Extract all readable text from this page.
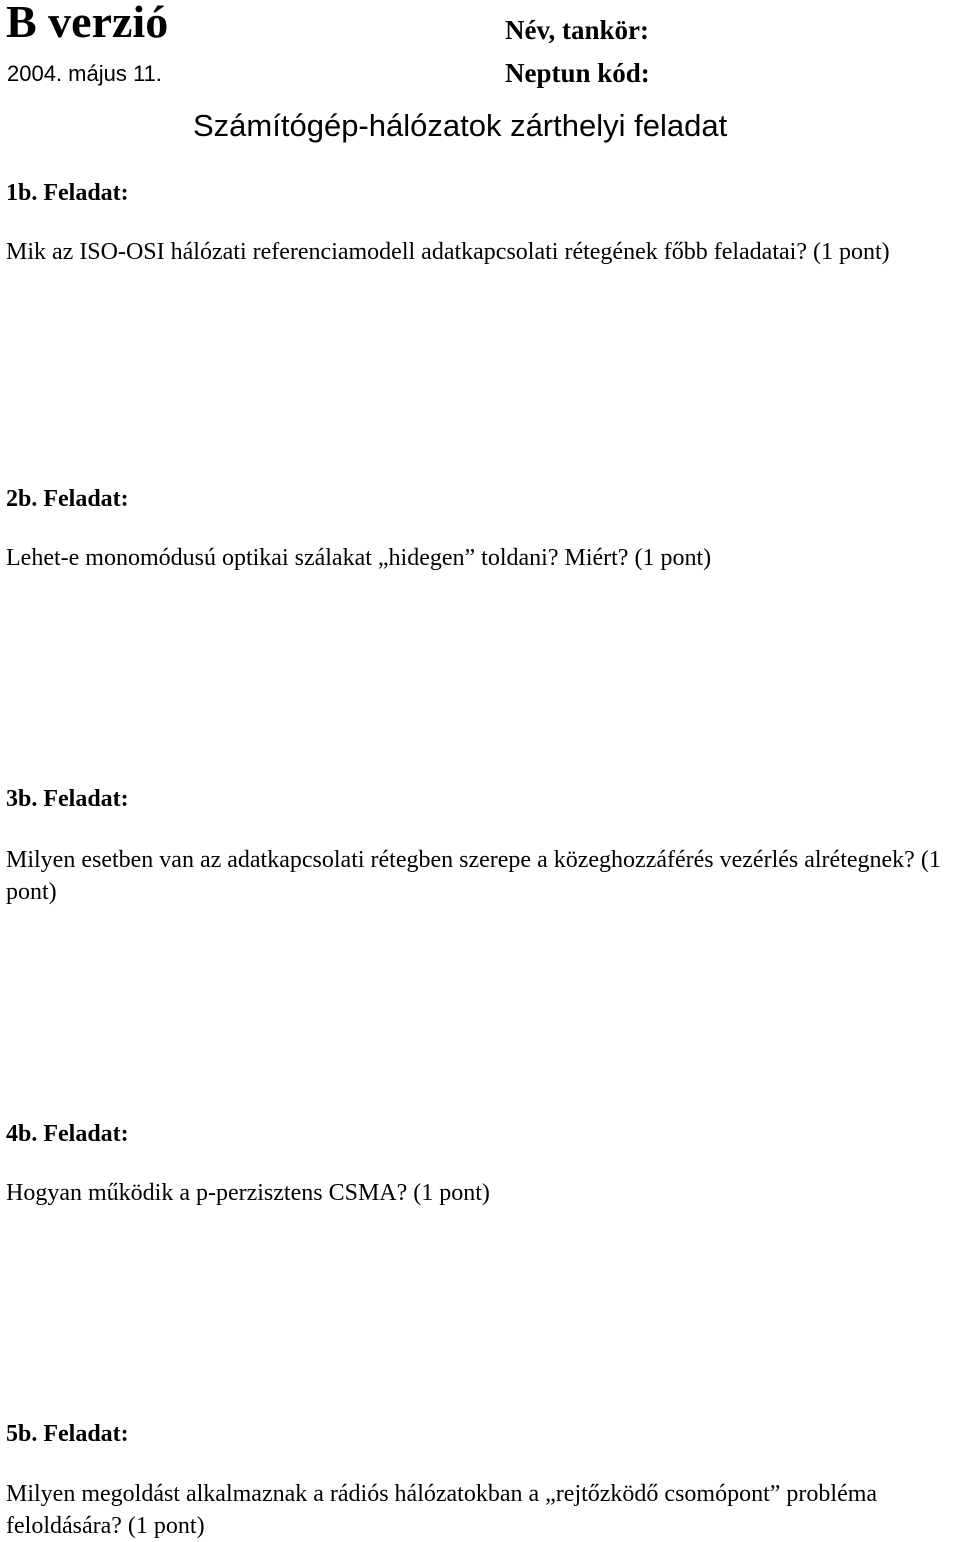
B verzió
2004. május 11.
Név, tankör:
Neptun kód:
Számítógép-hálózatok zárthelyi feladat
1b. Feladat:
Mik az ISO-OSI hálózati referenciamodell adatkapcsolati rétegének főbb feladatai? (1 pont)
2b. Feladat:
Lehet-e monomódusú optikai szálakat „hidegen” toldani? Miért? (1 pont)
3b. Feladat:
Milyen esetben van az adatkapcsolati rétegben szerepe a közeghozzáférés vezérlés alrétegnek? (1 pont)
4b. Feladat:
Hogyan működik a p-perzisztens CSMA? (1 pont)
5b. Feladat:
Milyen megoldást alkalmaznak a rádiós hálózatokban a „rejtőzködő csomópont” probléma feloldására? (1 pont)
